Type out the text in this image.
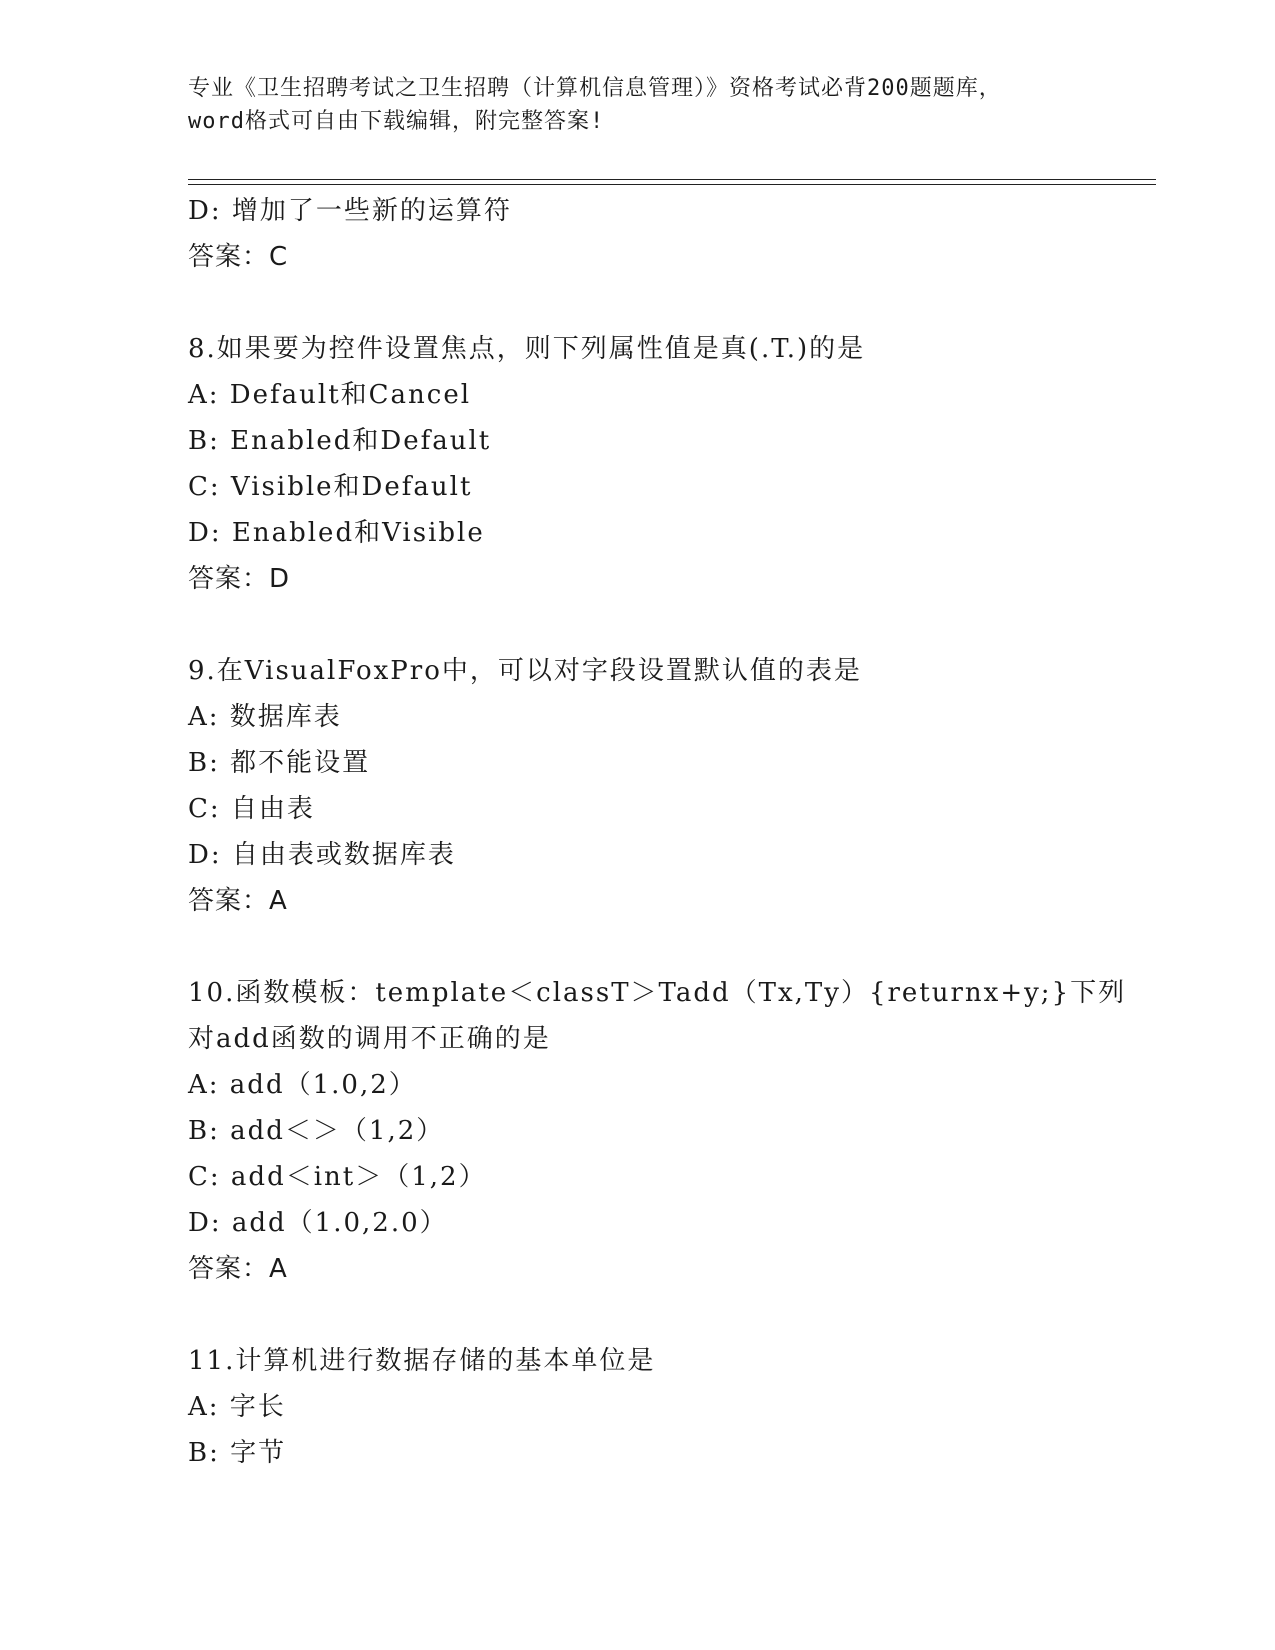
专业《卫生招聘考试之卫生招聘（计算机信息管理）》资格考试必背200题题库，
word格式可自由下载编辑，附完整答案!
D: 增加了一些新的运算符
答案：C
8.如果要为控件设置焦点，则下列属性值是真(.T.)的是
A: Default和Cancel
B: Enabled和Default
C: Visible和Default
D: Enabled和Visible
答案：D
9.在VisualFoxPro中，可以对字段设置默认值的表是
A: 数据库表
B: 都不能设置
C: 自由表
D: 自由表或数据库表
答案：A
10.函数模板：template＜classT＞Tadd（Tx,Ty）{returnx+y;}下列
对add函数的调用不正确的是
A: add（1.0,2）
B: add＜＞（1,2）
C: add＜int＞（1,2）
D: add（1.0,2.0）
答案：A
11.计算机进行数据存储的基本单位是
A: 字长
B: 字节
